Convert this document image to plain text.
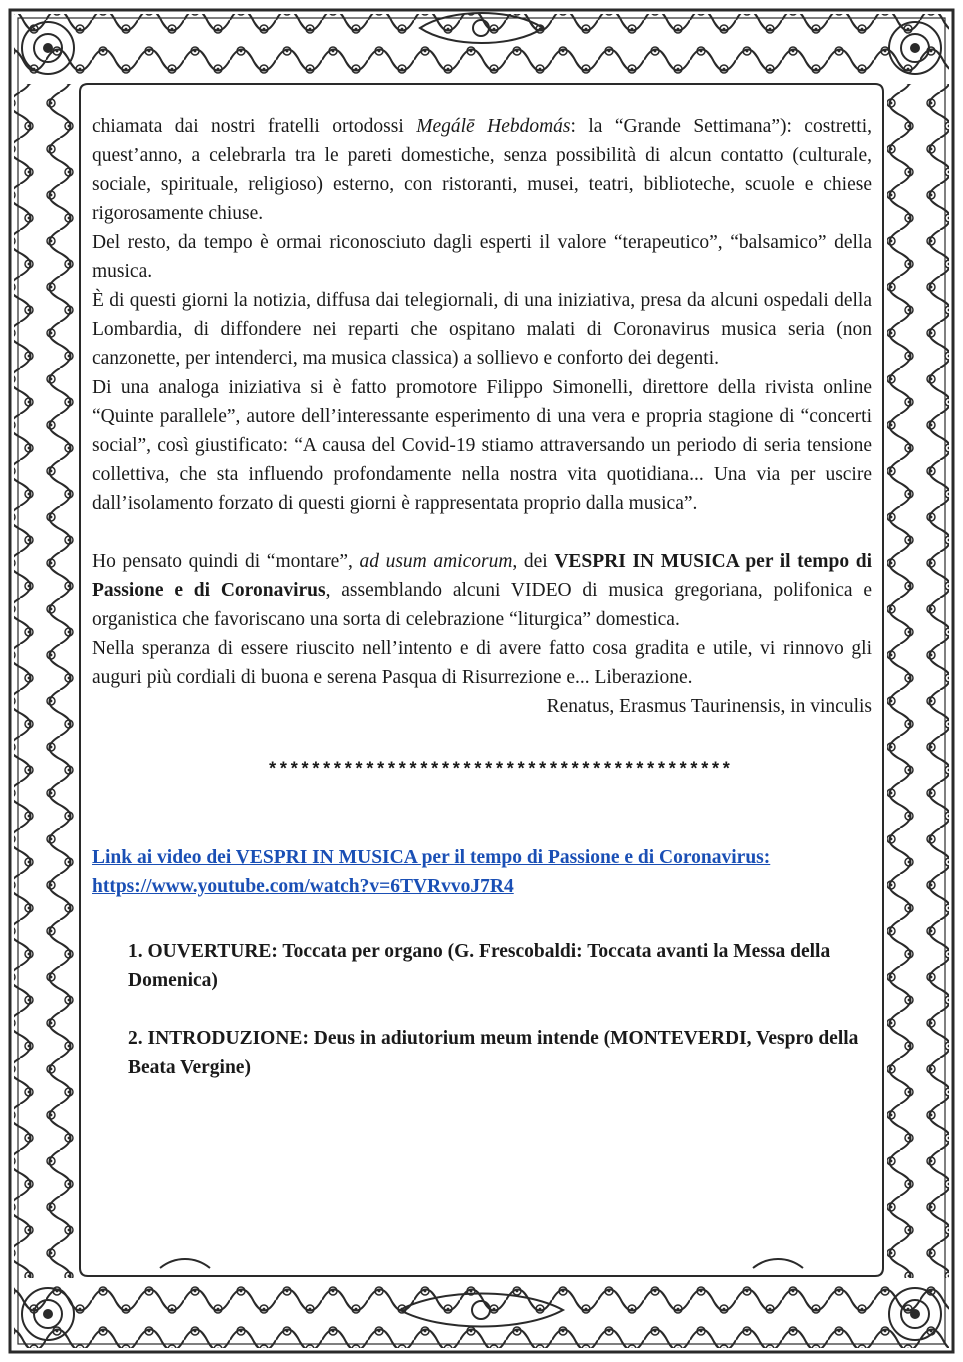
chiamata dai nostri fratelli ortodossi Megálē Hebdomás: la “Grande Settimana”): costretti, quest’anno, a celebrarla tra le pareti domestiche, senza possibilità di alcun contatto (culturale, sociale, spirituale, religioso) esterno, con ristoranti, musei, teatri, biblioteche, scuole e chiese rigorosamente chiuse.

Del resto, da tempo è ormai riconosciuto dagli esperti il valore “terapeutico”, “balsamico” della musica.

È di questi giorni la notizia, diffusa dai telegiornali, di una iniziativa, presa da alcuni ospedali della Lombardia, di diffondere nei reparti che ospitano malati di Coronavirus musica seria (non canzonette, per intenderci, ma musica classica) a sollievo e conforto dei degenti.

Di una analoga iniziativa si è fatto promotore Filippo Simonelli, direttore della rivista online “Quinte parallele”, autore dell’interessante esperimento di una vera e propria stagione di “concerti social”, così giustificato: “A causa del Covid-19 stiamo attraversando un periodo di seria tensione collettiva, che sta influendo profondamente nella nostra vita quotidiana... Una via per uscire dall’isolamento forzato di questi giorni è rappresentata proprio dalla musica”.

Ho pensato quindi di “montare”, ad usum amicorum, dei VESPRI IN MUSICA per il tempo di Passione e di Coronavirus, assemblando alcuni VIDEO di musica gregoriana, polifonica e organistica che favoriscano una sorta di celebrazione “liturgica” domestica.

Nella speranza di essere riuscito nell’intento e di avere fatto cosa gradita e utile, vi rinnovo gli auguri più cordiali di buona e serena Pasqua di Risurrezione e... Liberazione.

Renatus, Erasmus Taurinensis, in vinculis

*******************************************
Link ai video dei VESPRI IN MUSICA per il tempo di Passione e di Coronavirus:
https://www.youtube.com/watch?v=6TVRvvoJ7R4
1. OUVERTURE: Toccata per organo (G. Frescobaldi: Toccata avanti la Messa della Domenica)
2. INTRODUZIONE: Deus in adiutorium meum intende (MONTEVERDI, Vespro della Beata Vergine)
